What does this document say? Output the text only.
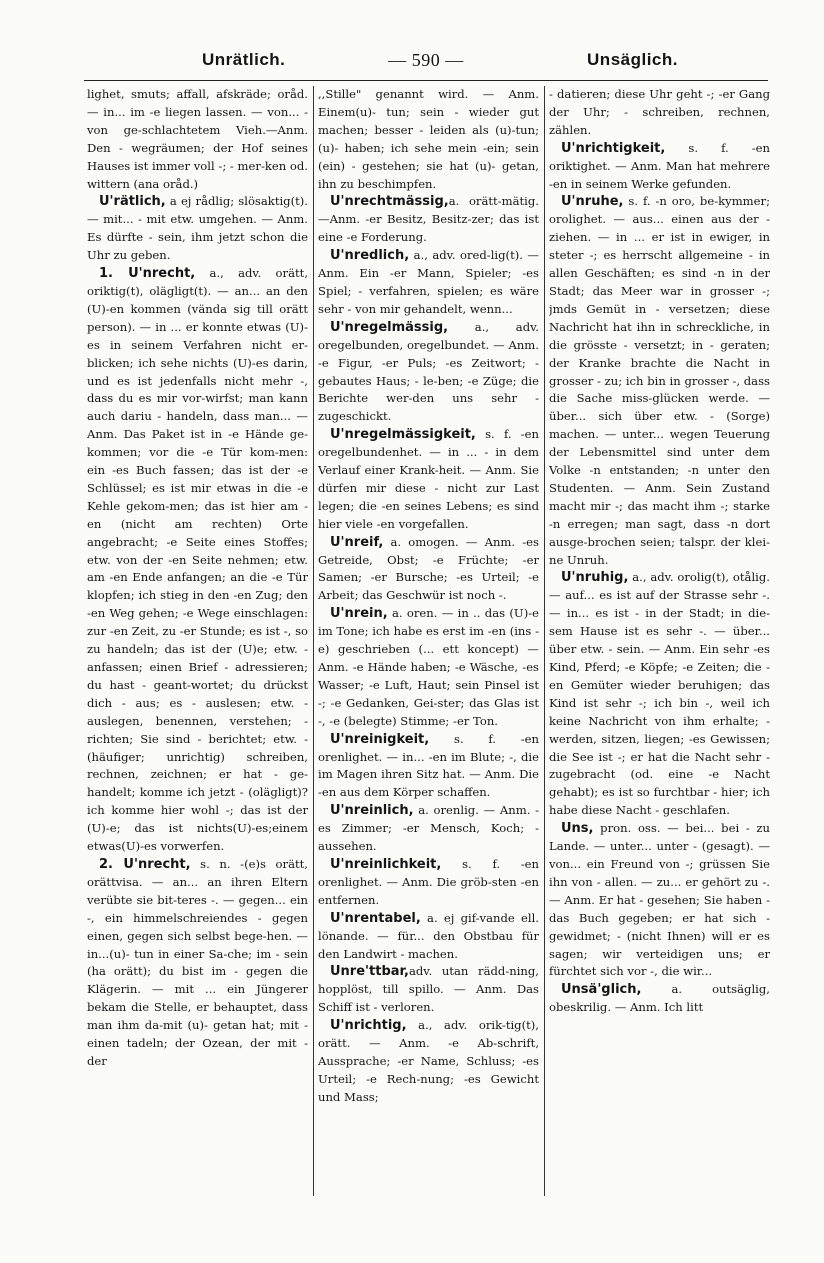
Unrätlich.	— 590 —	Unsäglich.

lighet, smuts; affall, afskräde; oråd. — in... im -e liegen lassen. — von... - von ge-schlachtetem Vieh.—Anm. Den - wegräumen; der Hof seines Hauses ist immer voll -; - mer-ken od. wittern (ana oråd.)

U'rätlich, a ej rådlig; slösaktig(t). — mit... - mit etw. umgehen. — Anm. Es dürfte - sein, ihm jetzt schon die Uhr zu geben.

1. U'nrecht, a., adv. orätt, oriktig(t), olägligt(t). — an... an den (U)-en kommen (vända sig till orätt person). — in ... er konnte etwas (U)-es in seinem Verfahren nicht er-blicken; ich sehe nichts (U)-es darin, und es ist jedenfalls nicht mehr -, dass du es mir vor-wirfst; man kann auch dariu - handeln, dass man... — Anm. Das Paket ist in -e Hände ge-kommen; vor die -e Tür kom-men: ein -es Buch fassen; das ist der -e Schlüssel; es ist mir etwas in die -e Kehle gekom-men; das ist hier am - en (nicht am rechten) Orte angebracht; -e Seite eines Stoffes; etw. von der -en Seite nehmen; etw. am -en Ende anfangen; an die -e Tür klopfen; ich stieg in den -en Zug; den -en Weg gehen; -e Wege einschlagen: zur -en Zeit, zu -er Stunde; es ist -, so zu handeln; das ist der (U)e; etw. - anfassen; einen Brief - adressieren; du hast - geant-wortet; du drückst dich - aus; es - auslesen; etw. - auslegen, benennen, verstehen; - richten; Sie sind - berichtet; etw. - (häufiger; unrichtig) schreiben, rechnen, zeichnen; er hat - ge-handelt; komme ich jetzt - (olägligt)? ich komme hier wohl -; das ist der (U)-e; das ist nichts(U)-es;einem etwas(U)-es vorwerfen.

2. U'nrecht, s. n. -(e)s orätt, orättvisa. — an... an ihren Eltern verübte sie bit-teres -. — gegen... ein -, ein himmelschreiendes - gegen einen, gegen sich selbst bege-hen. — in...(u)- tun in einer Sa-che; im - sein (ha orätt); du bist im - gegen die Klägerin. — mit ... ein Jüngerer bekam die Stelle, er behauptet, dass man ihm da-mit (u)- getan hat; mit - einen tadeln; der Ozean, der mit - der

,,Stille" genannt wird. — Anm. Einem(u)- tun; sein - wieder gut machen; besser - leiden als (u)-tun; (u)- haben; ich sehe mein -ein; sein (ein) - gestehen; sie hat (u)- getan, ihn zu beschimpfen.

U'nrechtmässig,a. orätt-mätig.—Anm. -er Besitz, Besitz-zer; das ist eine -e Forderung.

U'nredlich, a., adv. ored-lig(t). — Anm. Ein -er Mann, Spieler; -es Spiel; - verfahren, spielen; es wäre sehr - von mir gehandelt, wenn...

U'nregelmässig, a., adv. oregelbunden, oregelbundet. — Anm. -e Figur, -er Puls; -es Zeitwort; -gebautes Haus; - le-ben; -e Züge; die Berichte wer-den uns sehr - zugeschickt.

U'nregelmässigkeit, s. f. -en oregelbundenhet. — in ... - in dem Verlauf einer Krank-heit. — Anm. Sie dürfen mir diese - nicht zur Last legen; die -en seines Lebens; es sind hier viele -en vorgefallen.

U'nreif, a. omogen. — Anm. -es Getreide, Obst; -e Früchte; -er Samen; -er Bursche; -es Urteil; -e Arbeit; das Geschwür ist noch -.

U'nrein, a. oren. — in .. das (U)-e im Tone; ich habe es erst im -en (ins -e) geschrieben (... ett koncept) — Anm. -e Hände haben; -e Wäsche, -es Wasser; -e Luft, Haut; sein Pinsel ist -; -e Gedanken, Gei-ster; das Glas ist -, -e (belegte) Stimme; -er Ton.

U'nreinigkeit, s. f. -en orenlighet. — in... -en im Blute; -, die im Magen ihren Sitz hat. — Anm. Die -en aus dem Körper schaffen.

U'nreinlich, a. orenlig. — Anm. -es Zimmer; -er Mensch, Koch; - aussehen.

U'nreinlichkeit, s. f. -en orenlighet. — Anm. Die gröb-sten -en entfernen.

U'nrentabel, a. ej gif-vande ell. lönande. — für... den Obstbau für den Landwirt - machen.

Unre'ttbar,adv. utan rädd-ning, hopplöst, till spillo. — Anm. Das Schiff ist - verloren.

U'nrichtig, a., adv. orik-tig(t), orätt. — Anm. -e Ab-schrift, Aussprache; -er Name, Schluss; -es Urteil; -e Rech-nung; -es Gewicht und Mass;

- datieren; diese Uhr geht -; -er Gang der Uhr; - schreiben, rechnen, zählen.

U'nrichtigkeit, s. f. -en oriktighet. — Anm. Man hat mehrere -en in seinem Werke gefunden.

U'nruhe, s. f. -n oro, be-kymmer; orolighet. — aus... einen aus der - ziehen. — in ... er ist in ewiger, in steter -; es herrscht allgemeine - in allen Geschäften; es sind -n in der Stadt; das Meer war in grosser -; jmds Gemüt in - versetzen; diese Nachricht hat ihn in schreckliche, in die grösste - versetzt; in - geraten; der Kranke brachte die Nacht in grosser - zu; ich bin in grosser -, dass die Sache miss-glücken werde. — über... sich über etw. - (Sorge) machen. — unter... wegen Teuerung der Lebensmittel sind unter dem Volke -n entstanden; -n unter den Studenten. — Anm. Sein Zustand macht mir -; das macht ihm -; starke -n erregen; man sagt, dass -n dort ausge-brochen seien; talspr. der klei-ne Unruh.

U'nruhig, a., adv. orolig(t), otålig. — auf... es ist auf der Strasse sehr -. — in... es ist - in der Stadt; in die-sem Hause ist es sehr -. — über... über etw. - sein. — Anm. Ein sehr -es Kind, Pferd; -e Köpfe; -e Zeiten; die -en Gemüter wieder beruhigen; das Kind ist sehr -; ich bin -, weil ich keine Nachricht von ihm erhalte; - werden, sitzen, liegen; -es Gewissen; die See ist -; er hat die Nacht sehr - zugebracht (od. eine -e Nacht gehabt); es ist so furchtbar - hier; ich habe diese Nacht - geschlafen.

Uns, pron. oss. — bei... bei - zu Lande. — unter... unter - (gesagt). — von... ein Freund von -; grüssen Sie ihn von - allen. — zu... er gehört zu -. — Anm. Er hat - gesehen; Sie haben - das Buch gegeben; er hat sich - gewidmet; - (nicht Ihnen) will er es sagen; wir verteidigen uns; er fürchtet sich vor -, die wir...

Unsä'glich, a. outsäglig, obeskrilig. — Anm. Ich litt
